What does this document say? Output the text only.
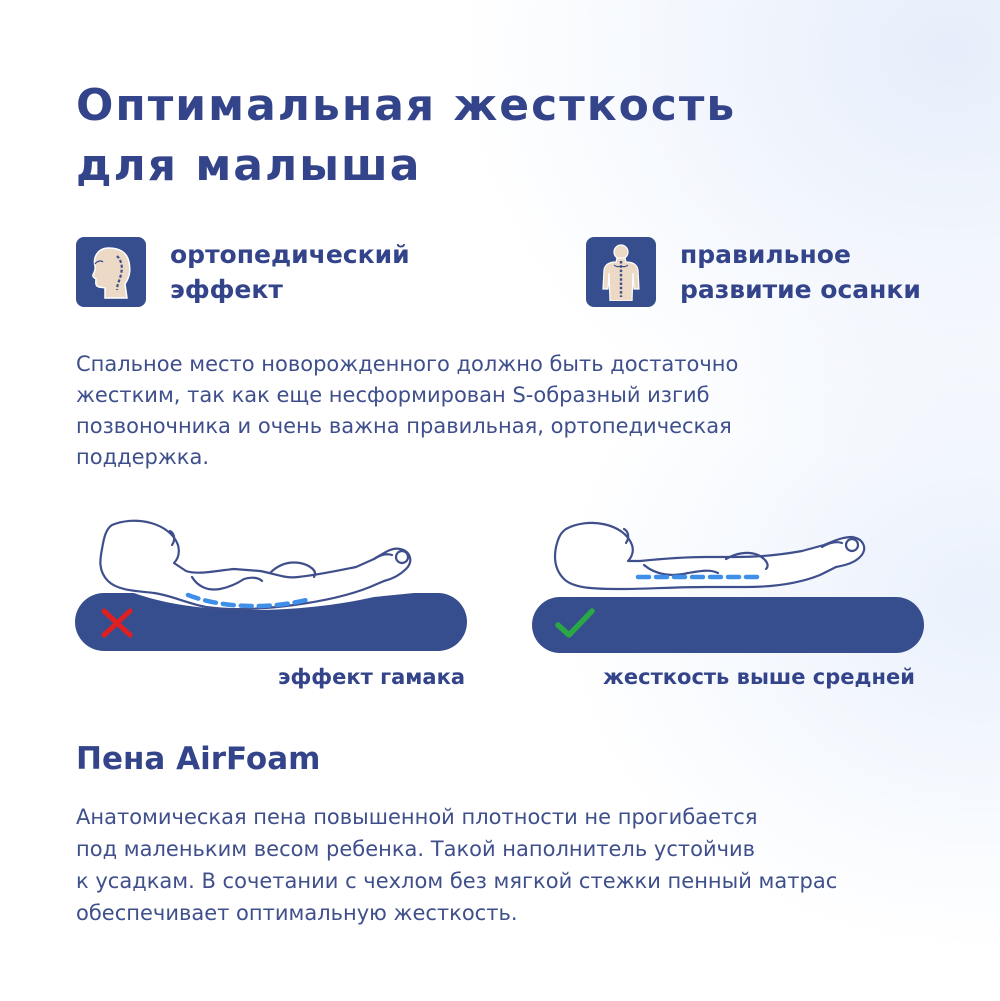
Оптимальная жесткость
для малыша
ортопедический
эффект
правильное
развитие осанки

Спальное место новорожденного должно быть достаточно
жестким, так как еще несформирован S-образный изгиб
позвоночника и очень важна правильная, ортопедическая
поддержка.

эффект гамака	жесткость выше средней
Пена AirFoam

Анатомическая пена повышенной плотности не прогибается
под маленьким весом ребенка. Такой наполнитель устойчив
к усадкам. В сочетании с чехлом без мягкой стежки пенный матрас
обеспечивает оптимальную жесткость.
